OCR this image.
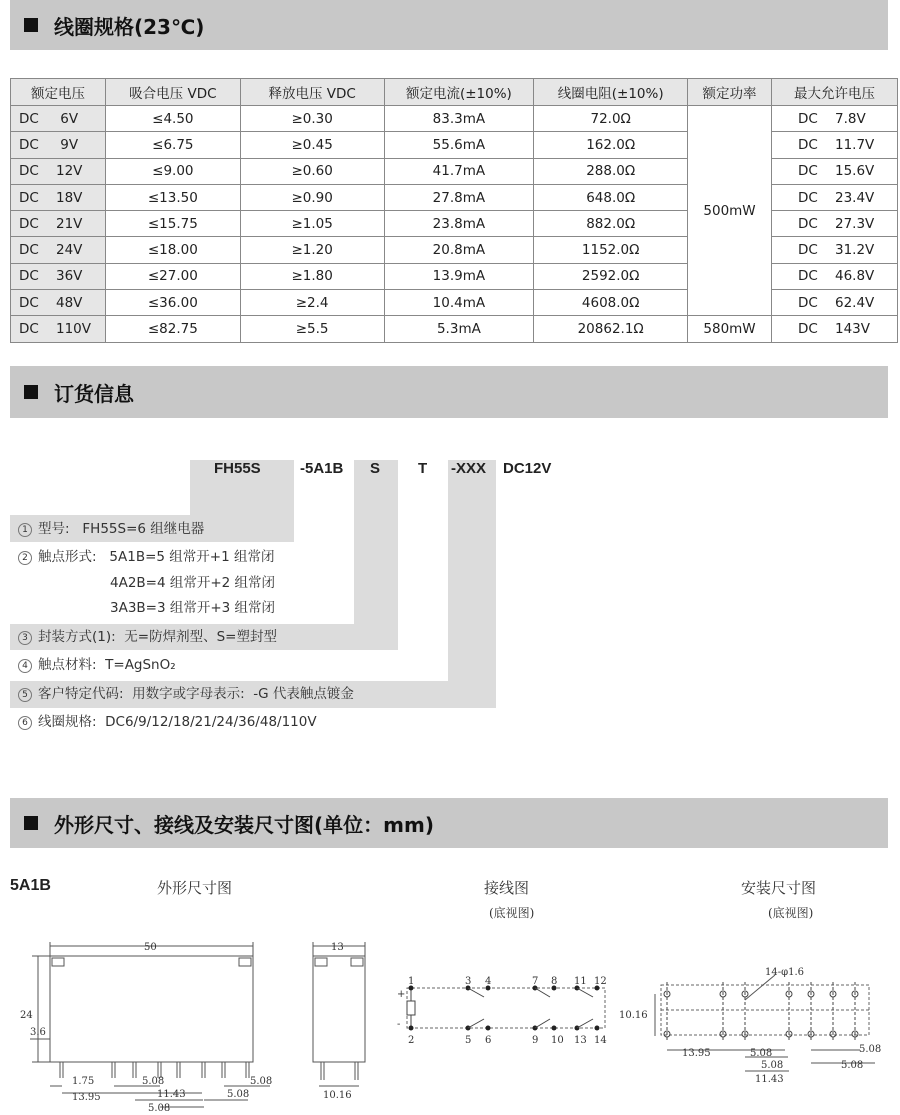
线圈规格(23℃)
额定电压	吸合电压 VDC	释放电压 VDC	额定电流(±10%)	线圈电阻(±10%)	额定功率	最大允许电压
DC     6V	≤4.50	≥0.30	83.3mA	72.0Ω	500mW	DC    7.8V
DC     9V	≤6.75	≥0.45	55.6mA	162.0Ω		DC    11.7V
DC    12V	≤9.00	≥0.60	41.7mA	288.0Ω		DC    15.6V
DC    18V	≤13.50	≥0.90	27.8mA	648.0Ω		DC    23.4V
DC    21V	≤15.75	≥1.05	23.8mA	882.0Ω		DC    27.3V
DC    24V	≤18.00	≥1.20	20.8mA	1152.0Ω		DC    31.2V
DC    36V	≤27.00	≥1.80	13.9mA	2592.0Ω		DC    46.8V
DC    48V	≤36.00	≥2.4	10.4mA	4608.0Ω		DC    62.4V
DC    110V	≤82.75	≥5.5	5.3mA	20862.1Ω	580mW	DC    143V
订货信息
FH55S	-5A1B S	T -XXX DC12V
1 型号:   FH55S=6 组继电器
2 触点形式:   5A1B=5 组常开+1 组常闭
4A2B=4 组常开+2 组常闭
3A3B=3 组常开+3 组常闭
3 封装方式(1):  无=防焊剂型、S=塑封型
4 触点材料:  T=AgSnO₂
5 客户特定代码:  用数字或字母表示:  -G 代表触点镀金
6 线圈规格:  DC6/9/12/18/21/24/36/48/110V
外形尺寸、接线及安装尺寸图(单位：mm)
5A1B	外形尺寸图	接线图
(底视图)
安装尺寸图
(底视图)
50
24
3.6
1.75
13.95
5.08
11.43
5.08
5.08
5.08
13
10.16
1
2
3
5
4
6
7
9
8
10
11
13
12
14
+
-
14-φ1.6
10.16
13.95	5.08
5.08
11.43
5.08
5.08
